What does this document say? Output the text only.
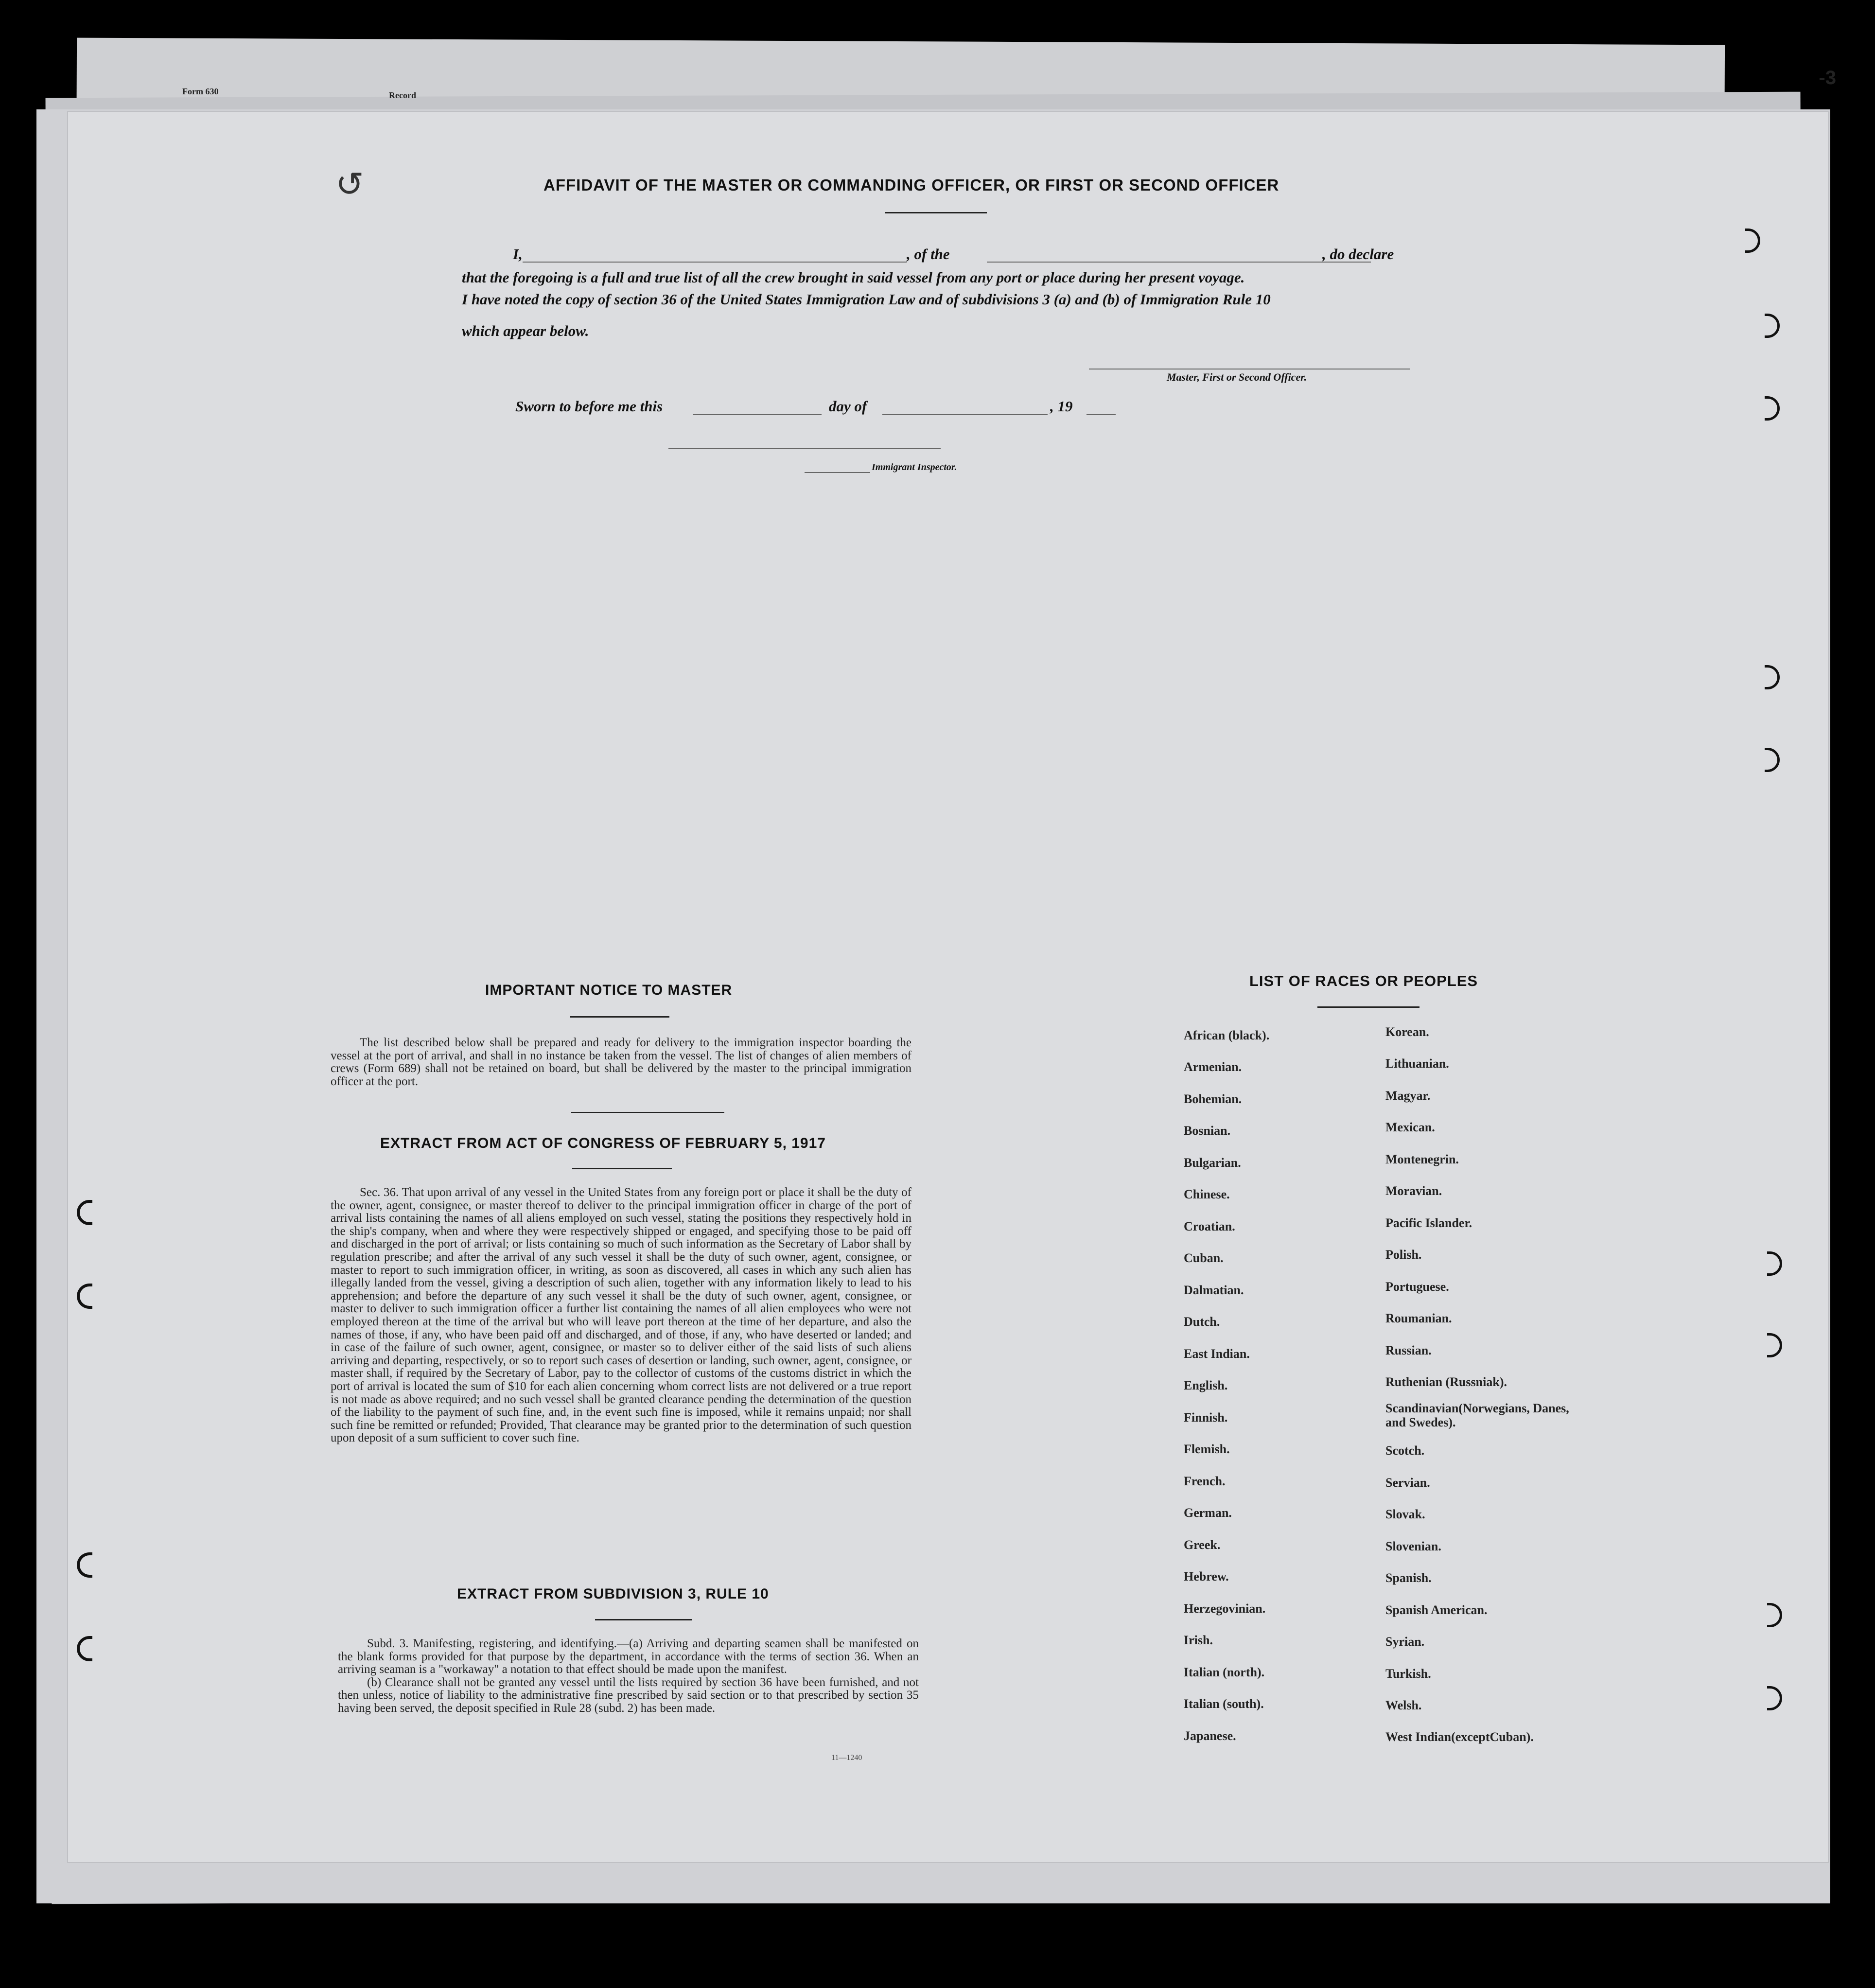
Form 630	Record
-3
↺	AFFIDAVIT OF THE MASTER OR COMMANDING OFFICER, OR FIRST OR SECOND OFFICER
I,	, of the	, do declare
that the foregoing is a full and true list of all the crew brought in said vessel from any port or place during her present voyage.
I have noted the copy of section 36 of the United States Immigration Law and of subdivisions 3 (a) and (b) of Immigration Rule 10
which appear below.
Master, First or Second Officer.
Sworn to before me this	day of	, 19
Immigrant Inspector.
IMPORTANT NOTICE TO MASTER

The list described below shall be prepared and ready for delivery to the immigration inspector boarding the vessel at the port of arrival, and shall in no instance be taken from the vessel. The list of changes of alien members of crews (Form 689) shall not be retained on board, but shall be delivered by the master to the principal immigration officer at the port.

EXTRACT FROM ACT OF CONGRESS OF FEBRUARY 5, 1917

Sec. 36. That upon arrival of any vessel in the United States from any foreign port or place it shall be the duty of the owner, agent, consignee, or master thereof to deliver to the principal immigration officer in charge of the port of arrival lists containing the names of all aliens employed on such vessel, stating the positions they respectively hold in the ship's company, when and where they were respectively shipped or engaged, and specifying those to be paid off and discharged in the port of arrival; or lists containing so much of such information as the Secretary of Labor shall by regulation prescribe; and after the arrival of any such vessel it shall be the duty of such owner, agent, consignee, or master to report to such immigration officer, in writing, as soon as discovered, all cases in which any such alien has illegally landed from the vessel, giving a description of such alien, together with any information likely to lead to his apprehension; and before the departure of any such vessel it shall be the duty of such owner, agent, consignee, or master to deliver to such immigration officer a further list containing the names of all alien employees who were not employed thereon at the time of the arrival but who will leave port thereon at the time of her departure, and also the names of those, if any, who have been paid off and discharged, and of those, if any, who have deserted or landed; and in case of the failure of such owner, agent, consignee, or master so to deliver either of the said lists of such aliens arriving and departing, respectively, or so to report such cases of desertion or landing, such owner, agent, consignee, or master shall, if required by the Secretary of Labor, pay to the collector of customs of the customs district in which the port of arrival is located the sum of $10 for each alien concerning whom correct lists are not delivered or a true report is not made as above required; and no such vessel shall be granted clearance pending the determination of the question of the liability to the payment of such fine, and, in the event such fine is imposed, while it remains unpaid; nor shall such fine be remitted or refunded; Provided, That clearance may be granted prior to the determination of such question upon deposit of a sum sufficient to cover such fine.

EXTRACT FROM SUBDIVISION 3, RULE 10

Subd. 3. Manifesting, registering, and identifying.—(a) Arriving and departing seamen shall be manifested on the blank forms provided for that purpose by the department, in accordance with the terms of section 36. When an arriving seaman is a "workaway" a notation to that effect should be made upon the manifest.

(b) Clearance shall not be granted any vessel until the lists required by section 36 have been furnished, and not then unless, notice of liability to the administrative fine prescribed by said section or to that prescribed by section 35 having been served, the deposit specified in Rule 28 (subd. 2) has been made.

11—1240
LIST OF RACES OR PEOPLES
African (black).
Armenian.
Bohemian.
Bosnian.
Bulgarian.
Chinese.
Croatian.
Cuban.
Dalmatian.
Dutch.
East Indian.
English.
Finnish.
Flemish.
French.
German.
Greek.
Hebrew.
Herzegovinian.
Irish.
Italian (north).
Italian (south).
Japanese.
Korean.
Lithuanian.
Magyar.
Mexican.
Montenegrin.
Moravian.
Pacific Islander.
Polish.
Portuguese.
Roumanian.
Russian.
Ruthenian (Russniak).
Scandinavian(Norwegians, Danes, and Swedes).
Scotch.
Servian.
Slovak.
Slovenian.
Spanish.
Spanish American.
Syrian.
Turkish.
Welsh.
West Indian(exceptCuban).
